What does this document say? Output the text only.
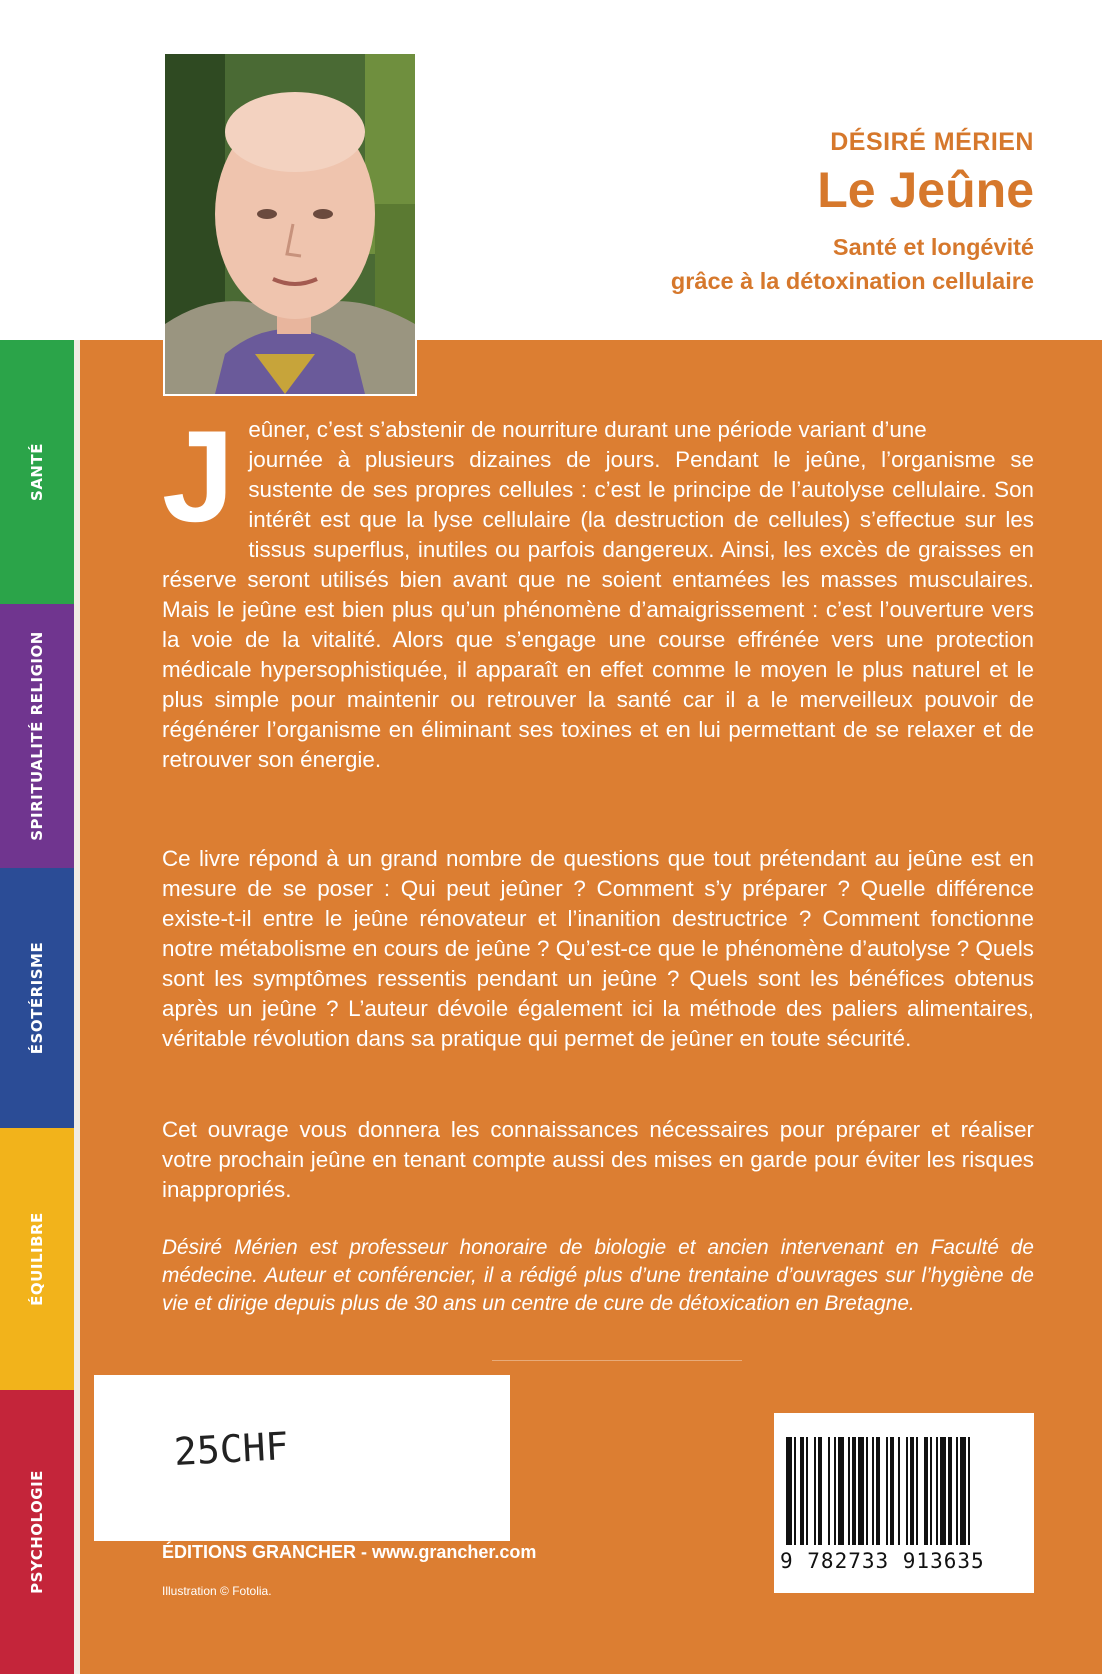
SANTÉ
SPIRITUALITÉ RELIGION
ÉSOTÉRISME
ÉQUILIBRE
PSYCHOLOGIE
DÉSIRÉ MÉRIEN
Le Jeûne
Santé et longévité
grâce à la détoxination cellulaire
J eûner, c’est s’abstenir de nourriture durant une période variant d’une
journée à plusieurs dizaines de jours. Pendant le jeûne, l’organisme se sustente de ses propres cellules : c’est le principe de l’autolyse cellulaire. Son intérêt est que la lyse cellulaire (la destruction de cellules) s’effectue sur les tissus superflus, inutiles ou parfois dangereux. Ainsi, les excès de graisses en réserve seront utilisés bien avant que ne soient entamées les masses musculaires. Mais le jeûne est bien plus qu’un phénomène d’amaigrissement : c’est l’ouverture vers la voie de la vitalité. Alors que s’engage une course effrénée vers une protection médicale hypersophistiquée, il apparaît en effet comme le moyen le plus naturel et le plus simple pour maintenir ou retrouver la santé car il a le merveilleux pouvoir de régénérer l’organisme en éliminant ses toxines et en lui permettant de se relaxer et de retrouver son énergie.
Ce livre répond à un grand nombre de questions que tout prétendant au jeûne est en mesure de se poser : Qui peut jeûner ? Comment s’y préparer ? Quelle différence existe-t-il entre le jeûne rénovateur et l’inanition destructrice ? Comment fonctionne notre métabolisme en cours de jeûne ? Qu’est-ce que le phénomène d’autolyse ? Quels sont les symptômes ressentis pendant un jeûne ? Quels sont les bénéfices obtenus après un jeûne ? L’auteur dévoile également ici la méthode des paliers alimentaires, véritable révolution dans sa pratique qui permet de jeûner en toute sécurité.
Cet ouvrage vous donnera les connaissances nécessaires pour préparer et réaliser votre prochain jeûne en tenant compte aussi des mises en garde pour éviter les risques inappropriés.
Désiré Mérien est professeur honoraire de biologie et ancien intervenant en Faculté de médecine. Auteur et conférencier, il a rédigé plus d’une trentaine d’ouvrages sur l’hygiène de vie et dirige depuis plus de 30 ans un centre de cure de détoxication en Bretagne.
25CHF
ÉDITIONS GRANCHER - www.grancher.com
Illustration © Fotolia.
9 782733 913635
